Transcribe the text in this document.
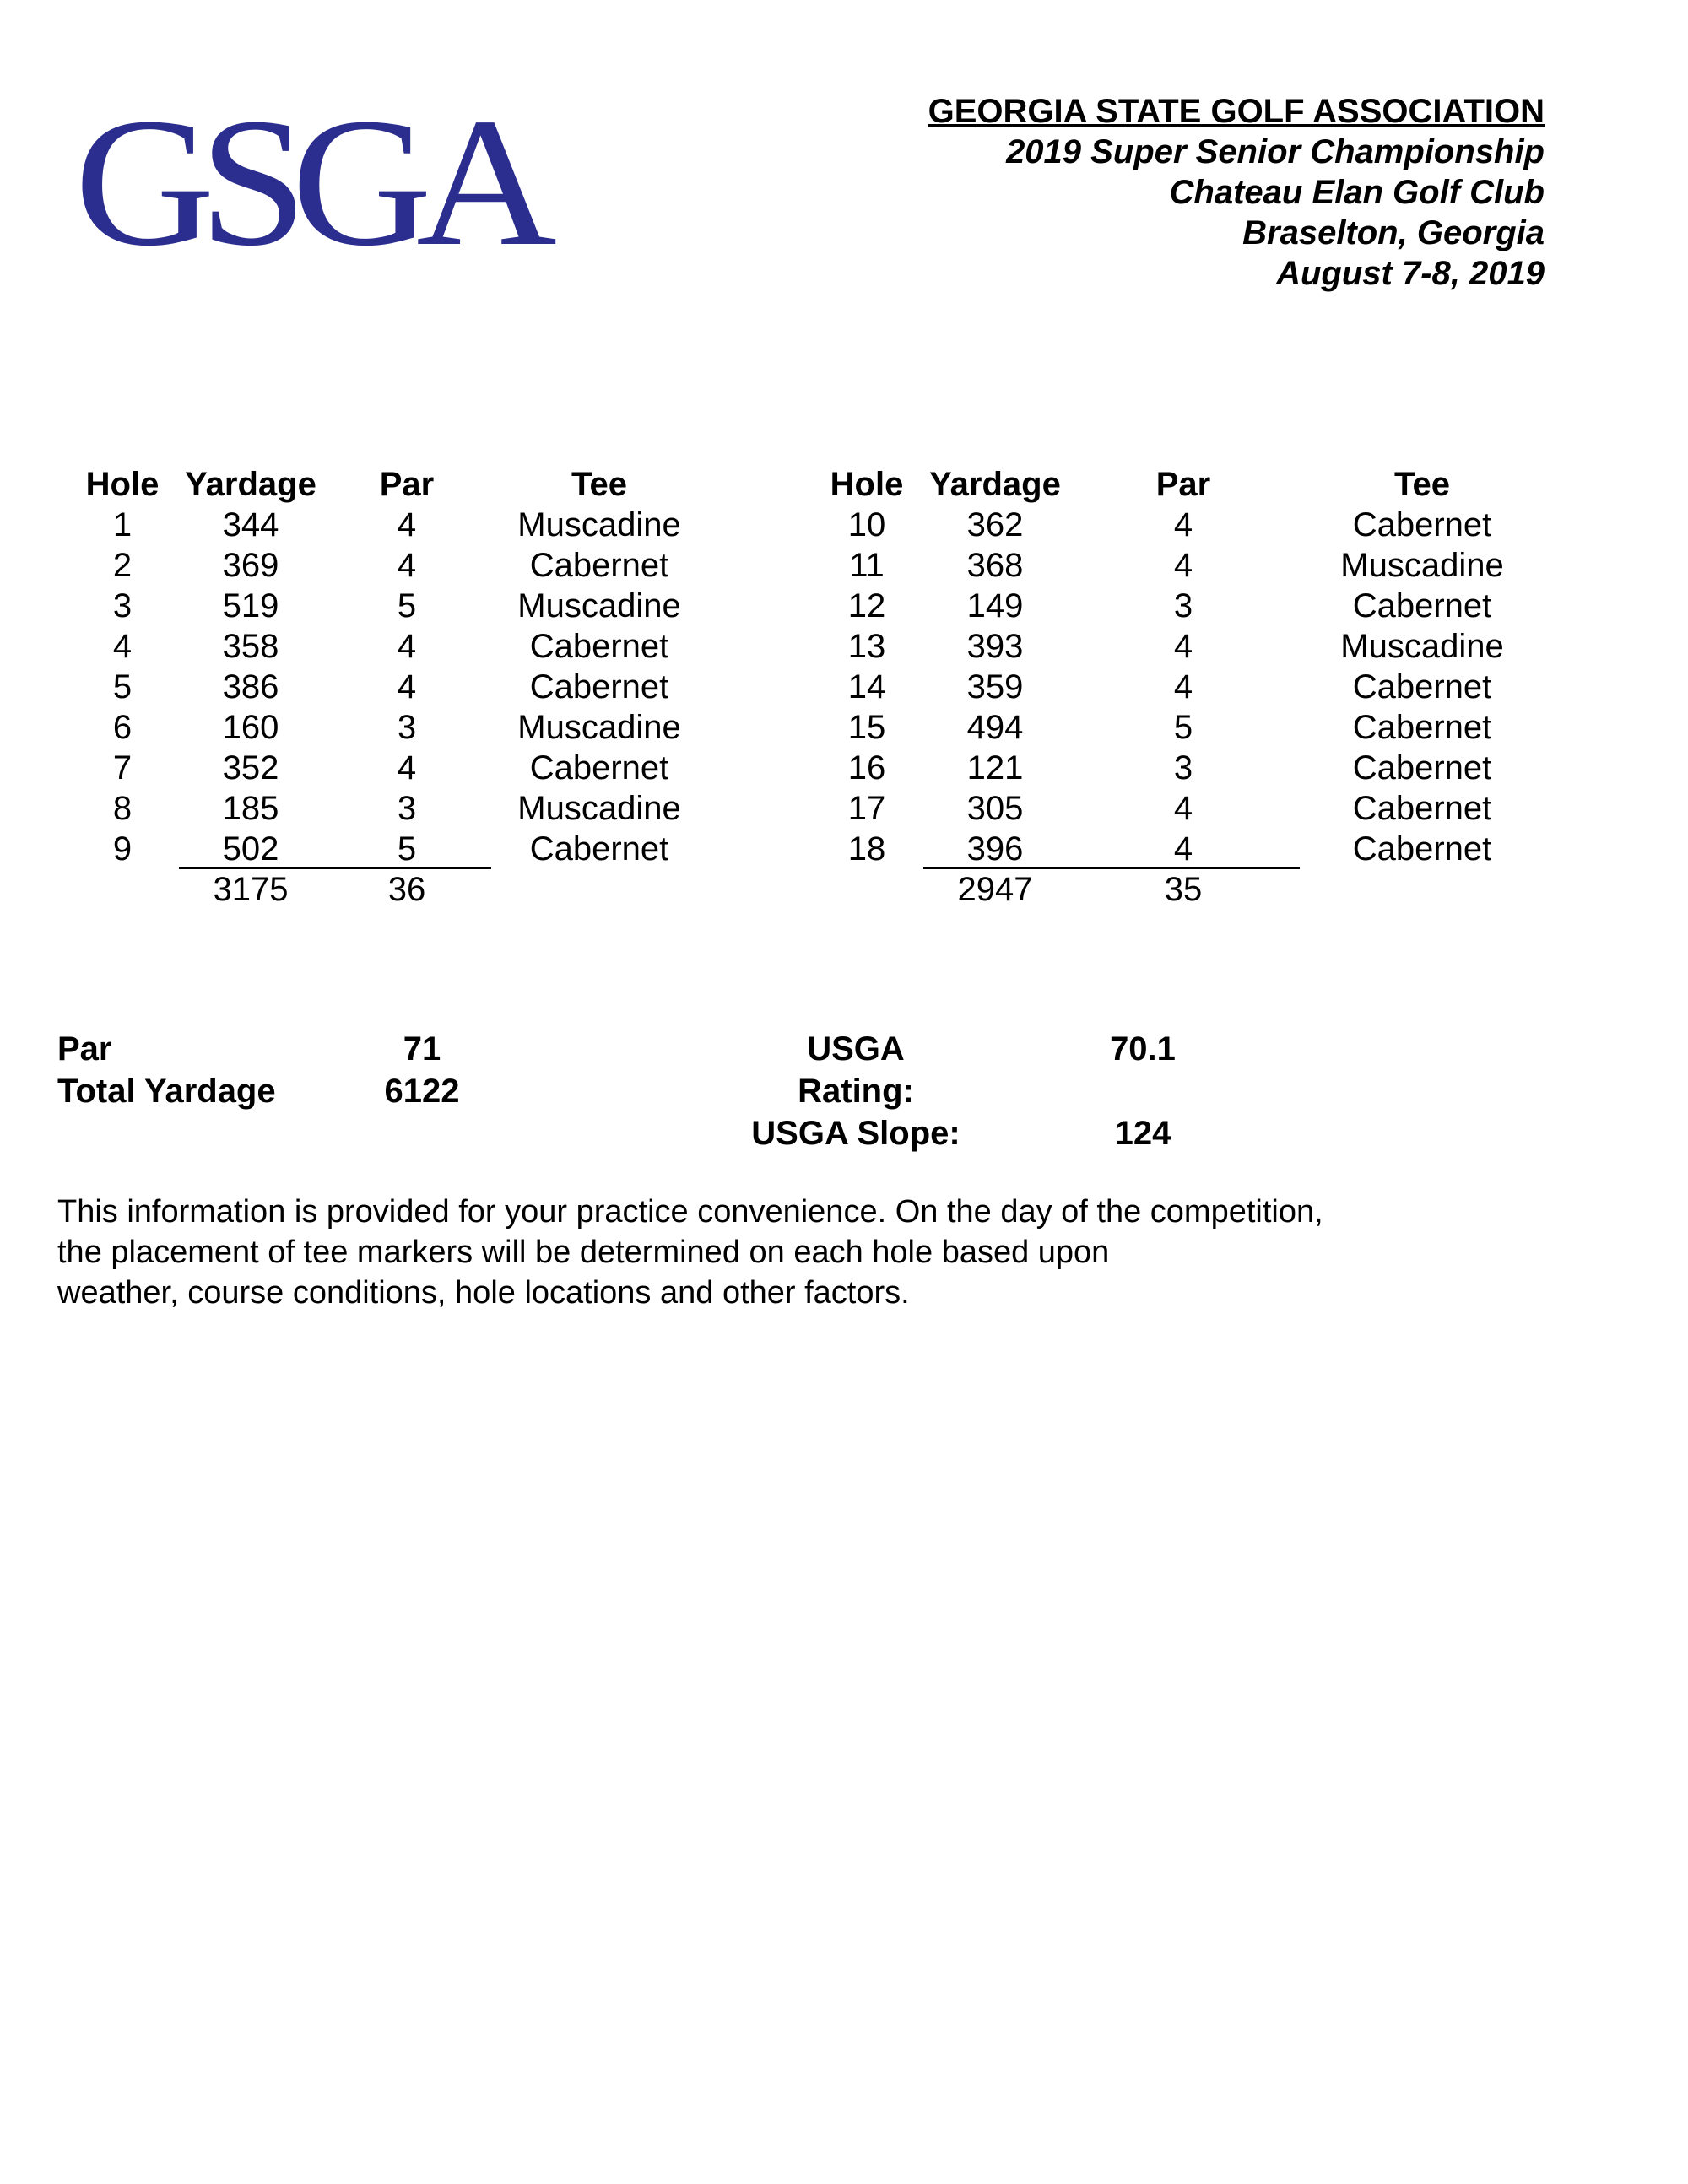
GSGA	GEORGIA STATE GOLF ASSOCIATION
2019 Super Senior Championship
Chateau Elan Golf Club
Braselton, Georgia
August 7-8, 2019
Hole Yardage	Par	Tee
1	344	4	Muscadine
2	369	4	Cabernet
3	519	5	Muscadine
4	358	4	Cabernet
5	386	4	Cabernet
6	160	3	Muscadine
7	352	4	Cabernet
8	185	3	Muscadine
9	502	5	Cabernet
3175	36
Hole Yardage	Par	Tee
10	362	4	Cabernet
11	368	4	Muscadine
12	149	3	Cabernet
13	393	4	Muscadine
14	359	4	Cabernet
15	494	5	Cabernet
16	121	3	Cabernet
17	305	4	Cabernet
18	396	4	Cabernet
2947	35
Par	71
Total Yardage	6122
USGA Rating:
70.1
USGA Slope:	124
This information is provided for your practice convenience. On the day of the competition,
the placement of tee markers will be determined on each hole based upon
weather, course conditions, hole locations and other factors.
